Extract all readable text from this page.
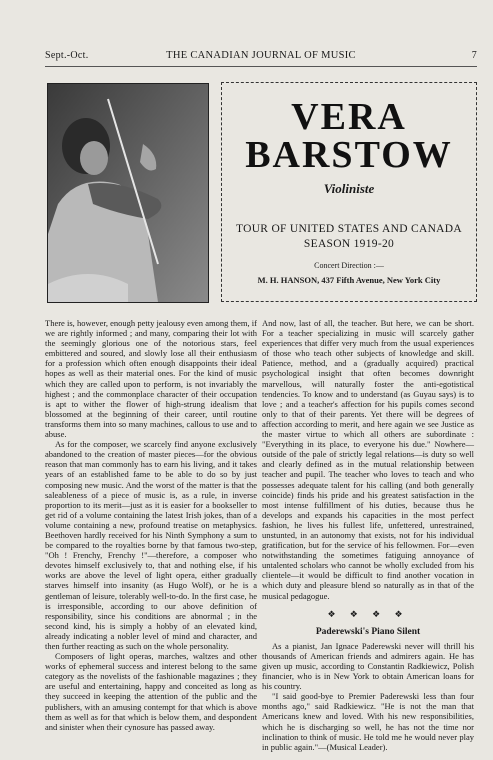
Sept.-Oct.	THE CANADIAN JOURNAL OF MUSIC	7
VERA
BARSTOW
Violiniste
TOUR OF UNITED STATES AND CANADA
SEASON 1919-20
Concert Direction :—
M. H. HANSON, 437 Fifth Avenue, New York City

There is, however, enough petty jealousy even among them, if we are rightly informed ; and many, comparing their lot with the seemingly glorious one of the notorious stars, feel embittered and soured, and slowly lose all their enthusiasm for a profession which often enough disappoints their ideal hopes as well as their material ones. For the kind of music which they are called upon to perform, is not invariably the highest ; and the commonplace character of their occupation is apt to wither the flower of high-strung idealism that blossomed at the beginning of their career, until routine transforms them into so many machines, callous to use and to abuse.

As for the composer, we scarcely find anyone exclusively abandoned to the creation of master pieces—for the obvious reason that man commonly has to earn his living, and it takes years of an established fame to be able to do so by just composing new music. And the worst of the matter is that the saleableness of a piece of music is, as a rule, in inverse proportion to its merit—just as it is easier for a bookseller to get rid of a volume containing the latest Irish jokes, than of a volume containing a new, profound treatise on metaphysics. Beethoven hardly received for his Ninth Symphony a sum to be compared to the royalties borne by that famous two-step, "Oh ! Frenchy, Frenchy !"—therefore, a composer who devotes himself exclusively to, that and nothing else, if his works are above the level of light opera, either gradually starves himself into insanity (as Hugo Wolf), or he is a gentleman of leisure, tolerably well-to-do. In the first case, he is irresponsible, according to our above definition of responsibility, since his conditions are abnormal ; in the second kind, his is simply a hobby of an elevated kind, already indicating a nobler level of mind and character, and then further reacting as such on the whole personality.

Composers of light operas, marches, waltzes and other works of ephemeral success and interest belong to the same category as the novelists of the fashionable magazines ; they are useful and entertaining, happy and conceited as long as they succeed in keeping the attention of the public and the publishers, with an amusing contempt for that which is above them as well as for that which is below them, and despondent and sinister when their cynosure has passed away.

And now, last of all, the teacher. But here, we can be short. For a teacher specializing in music will scarcely gather experiences that differ very much from the usual experiences of those who teach other subjects of knowledge and skill. Patience, method, and a (gradually acquired) practical psychological insight that often becomes downright marvellous, will naturally foster the anti-egotistical tendencies. To know and to understand (as Guyau says) is to love ; and a teacher's affection for his pupils comes second only to that of their parents. Yet there will be degrees of affection according to merit, and here again we see Justice as the master virtue to which all others are subordinate : "Everything in its place, to everyone his due." Nowhere—outside of the pale of strictly legal relations—is duty so well and clearly defined as in the mutual relationship between teacher and pupil. The teacher who loves to teach and who possesses adequate talent for his calling (and both generally coincide) finds his pride and his greatest satisfaction in the most intense fulfillment of his duties, because thus he develops and expands his capacities in the most perfect fashion, he lives his fullest life, unfettered, unrestrained, unstunted, in an autonomy that exists, not for his individual gratification, but for the service of his fellowmen. For—even notwithstanding the sometimes fatiguing annoyance of untalented scholars who cannot be wholly excluded from his clientele—it would be difficult to find another vocation in which duty and pleasure blend so naturally as in that of the musical pedagogue.

❖ ❖ ❖ ❖
Paderewski's Piano Silent

As a pianist, Jan Ignace Paderewski never will thrill his thousands of American friends and admirers again. He has given up music, according to Constantin Radkiewicz, Polish financier, who is in New York to obtain American loans for his country.

"I said good-bye to Premier Paderewski less than four months ago," said Radkiewicz. "He is not the man that Americans knew and loved. With his new responsibilities, which he is discharging so well, he has not the time nor inclination to think of music. He told me he would never play in public again."—(Musical Leader).
